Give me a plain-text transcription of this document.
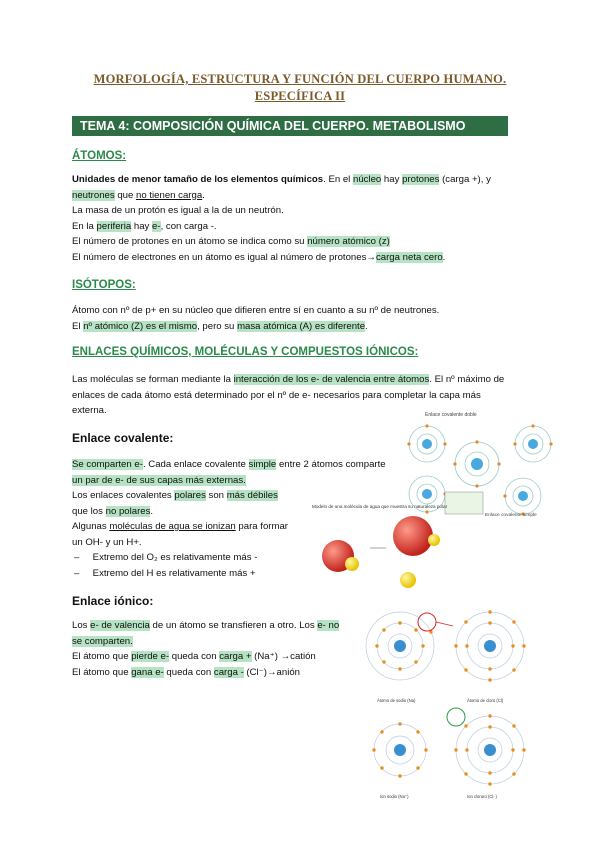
MORFOLOGÍA, ESTRUCTURA Y FUNCIÓN DEL CUERPO HUMANO.
ESPECÍFICA II
TEMA 4: COMPOSICIÓN QUÍMICA DEL CUERPO. METABOLISMO
ÁTOMOS:
Unidades de menor tamaño de los elementos químicos. En el núcleo hay protones (carga +), y
neutrones que no tienen carga.
La masa de un protón es igual a la de un neutrón.
En la periferia hay e-, con carga -.
El número de protones en un átomo se indica como su número atómico (z)
El número de electrones en un átomo es igual al número de protones→carga neta cero.
ISÓTOPOS:
Átomo con nº de p+ en su núcleo que difieren entre sí en cuanto a su nº de neutrones.
El nº atómico (Z) es el mismo, pero su masa atómica (A) es diferente.
ENLACES QUÍMICOS, MOLÉCULAS Y COMPUESTOS IÓNICOS:
Las moléculas se forman mediante la interacción de los e- de valencia entre átomos. El nº máximo de
enlaces de cada átomo está determinado por el nº de e- necesarios para completar la capa más
externa.
Enlace covalente:
Se comparten e-. Cada enlace covalente simple entre 2 átomos comparte
un par de e- de sus capas más externas.
Los enlaces covalentes polares son más débiles
que los no polares.
Algunas moléculas de agua se ionizan para formar
un OH- y un H+.
–     Extremo del O₂ es relativamente más -
–     Extremo del H es relativamente más +
Enlace covalente doble
Enlace covalente simple
Modelo de una molécula de agua que muestra su naturaleza polar
Enlace iónico:
Los e- de valencia de un átomo se transfieren a otro. Los e- no
se comparten.
El átomo que pierde e- queda con carga + (Na⁺) →catión
El átomo que gana e- queda con carga - (Cl⁻)→anión
Átomo de sodio (Na)	Átomo de cloro (Cl)
Ion sodio (Na⁺)	Ion cloruro (Cl⁻)
